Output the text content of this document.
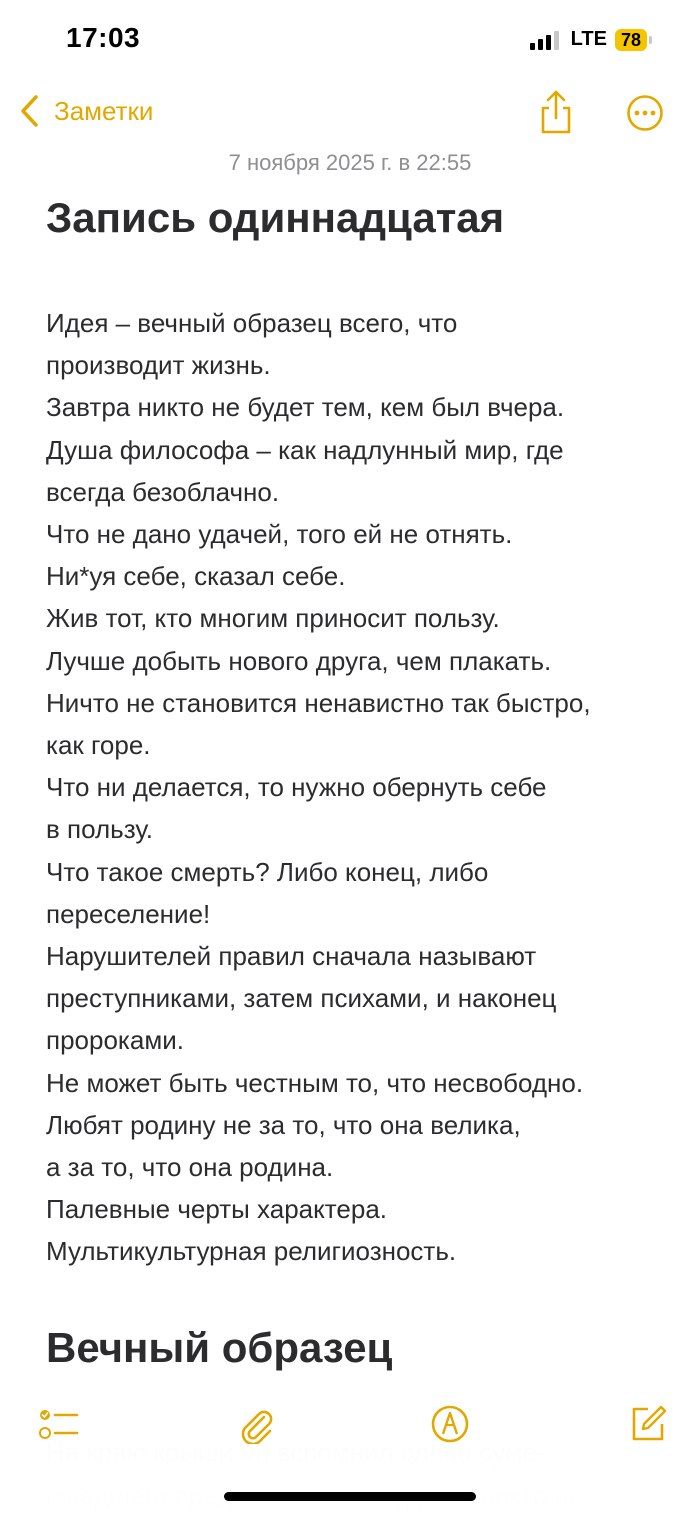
17:03	LTE 78
Заметки
7 ноября 2025 г. в 22:55
Запись одиннадцатая
Идея – вечный образец всего, что
производит жизнь.
Завтра никто не будет тем, кем был вчера.
Душа философа – как надлунный мир, где
всегда безоблачно.
Что не дано удачей, того ей не отнять.
Ни*уя себе, сказал себе.
Жив тот, кто многим приносит пользу.
Лучше добыть нового друга, чем плакать.
Ничто не становится ненавистно так быстро,
как горе.
Что ни делается, то нужно обернуть себе
в пользу.
Что такое смерть? Либо конец, либо
переселение!
Нарушителей правил сначала называют
преступниками, затем психами, и наконец
пророками.
Не может быть честным то, что несвободно.
Любят родину не за то, что она велика,
а за то, что она родина.
Палевные черты характера.
Мультикультурная религиозность.
Вечный образец
